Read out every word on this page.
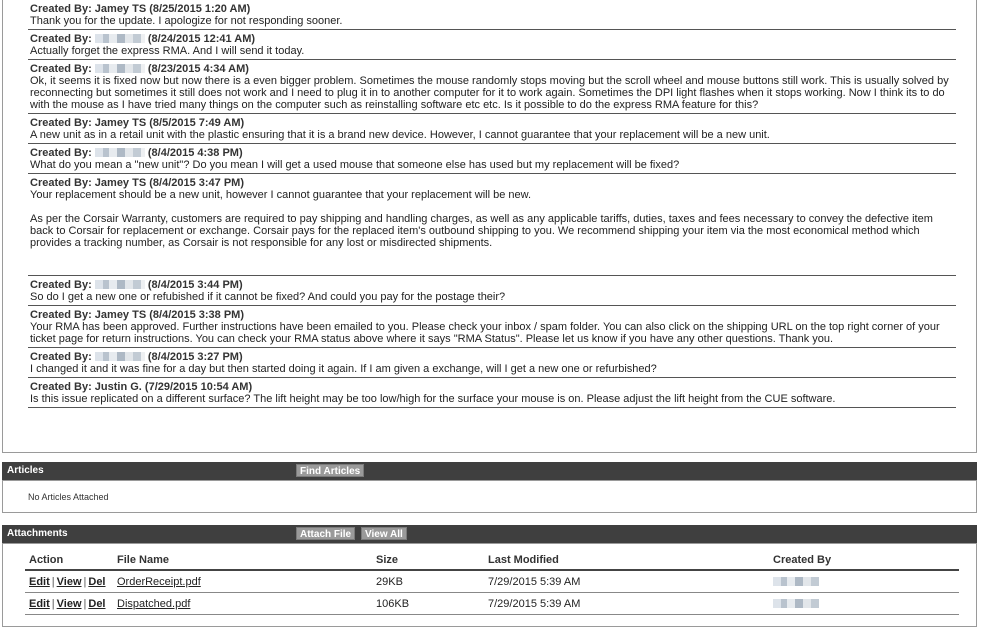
Created By: Jamey TS (8/25/2015 1:20 AM)
Thank you for the update. I apologize for not responding sooner.
Created By:	(8/24/2015 12:41 AM)
Actually forget the express RMA. And I will send it today.
Created By:	(8/23/2015 4:34 AM)
Ok, it seems it is fixed now but now there is a even bigger problem. Sometimes the mouse randomly stops moving but the scroll wheel and mouse buttons still work. This is usually solved by reconnecting but sometimes it still does not work and I need to plug it in to another computer for it to work again. Sometimes the DPI light flashes when it stops working. Now I think its to do with the mouse as I have tried many things on the computer such as reinstalling software etc etc. Is it possible to do the express RMA feature for this?
Created By: Jamey TS (8/5/2015 7:49 AM)
A new unit as in a retail unit with the plastic ensuring that it is a brand new device. However, I cannot guarantee that your replacement will be a new unit.
Created By:	(8/4/2015 4:38 PM)
What do you mean a "new unit"? Do you mean I will get a used mouse that someone else has used but my replacement will be fixed?
Created By: Jamey TS (8/4/2015 3:47 PM)
Your replacement should be a new unit, however I cannot guarantee that your replacement will be new.

As per the Corsair Warranty, customers are required to pay shipping and handling charges, as well as any applicable tariffs, duties, taxes and fees necessary to convey the defective item back to Corsair for replacement or exchange. Corsair pays for the replaced item's outbound shipping to you. We recommend shipping your item via the most economical method which provides a tracking number, as Corsair is not responsible for any lost or misdirected shipments.

Created By:	(8/4/2015 3:44 PM)
So do I get a new one or refubished if it cannot be fixed? And could you pay for the postage their?
Created By: Jamey TS (8/4/2015 3:38 PM)
Your RMA has been approved. Further instructions have been emailed to you. Please check your inbox / spam folder. You can also click on the shipping URL on the top right corner of your ticket page for return instructions. You can check your RMA status above where it says "RMA Status". Please let us know if you have any other questions. Thank you.
Created By:	(8/4/2015 3:27 PM)
I changed it and it was fine for a day but then started doing it again. If I am given a exchange, will I get a new one or refurbished?
Created By: Justin G. (7/29/2015 10:54 AM)
Is this issue replicated on a different surface? The lift height may be too low/high for the surface your mouse is on. Please adjust the lift height from the CUE software.
Articles	Find Articles
No Articles Attached
Attachments	Attach File	View All
Action	File Name	Size	Last Modified	Created By
Edit | View | Del	OrderReceipt.pdf	29KB	7/29/2015 5:39 AM	
Edit | View | Del	Dispatched.pdf	106KB	7/29/2015 5:39 AM	
